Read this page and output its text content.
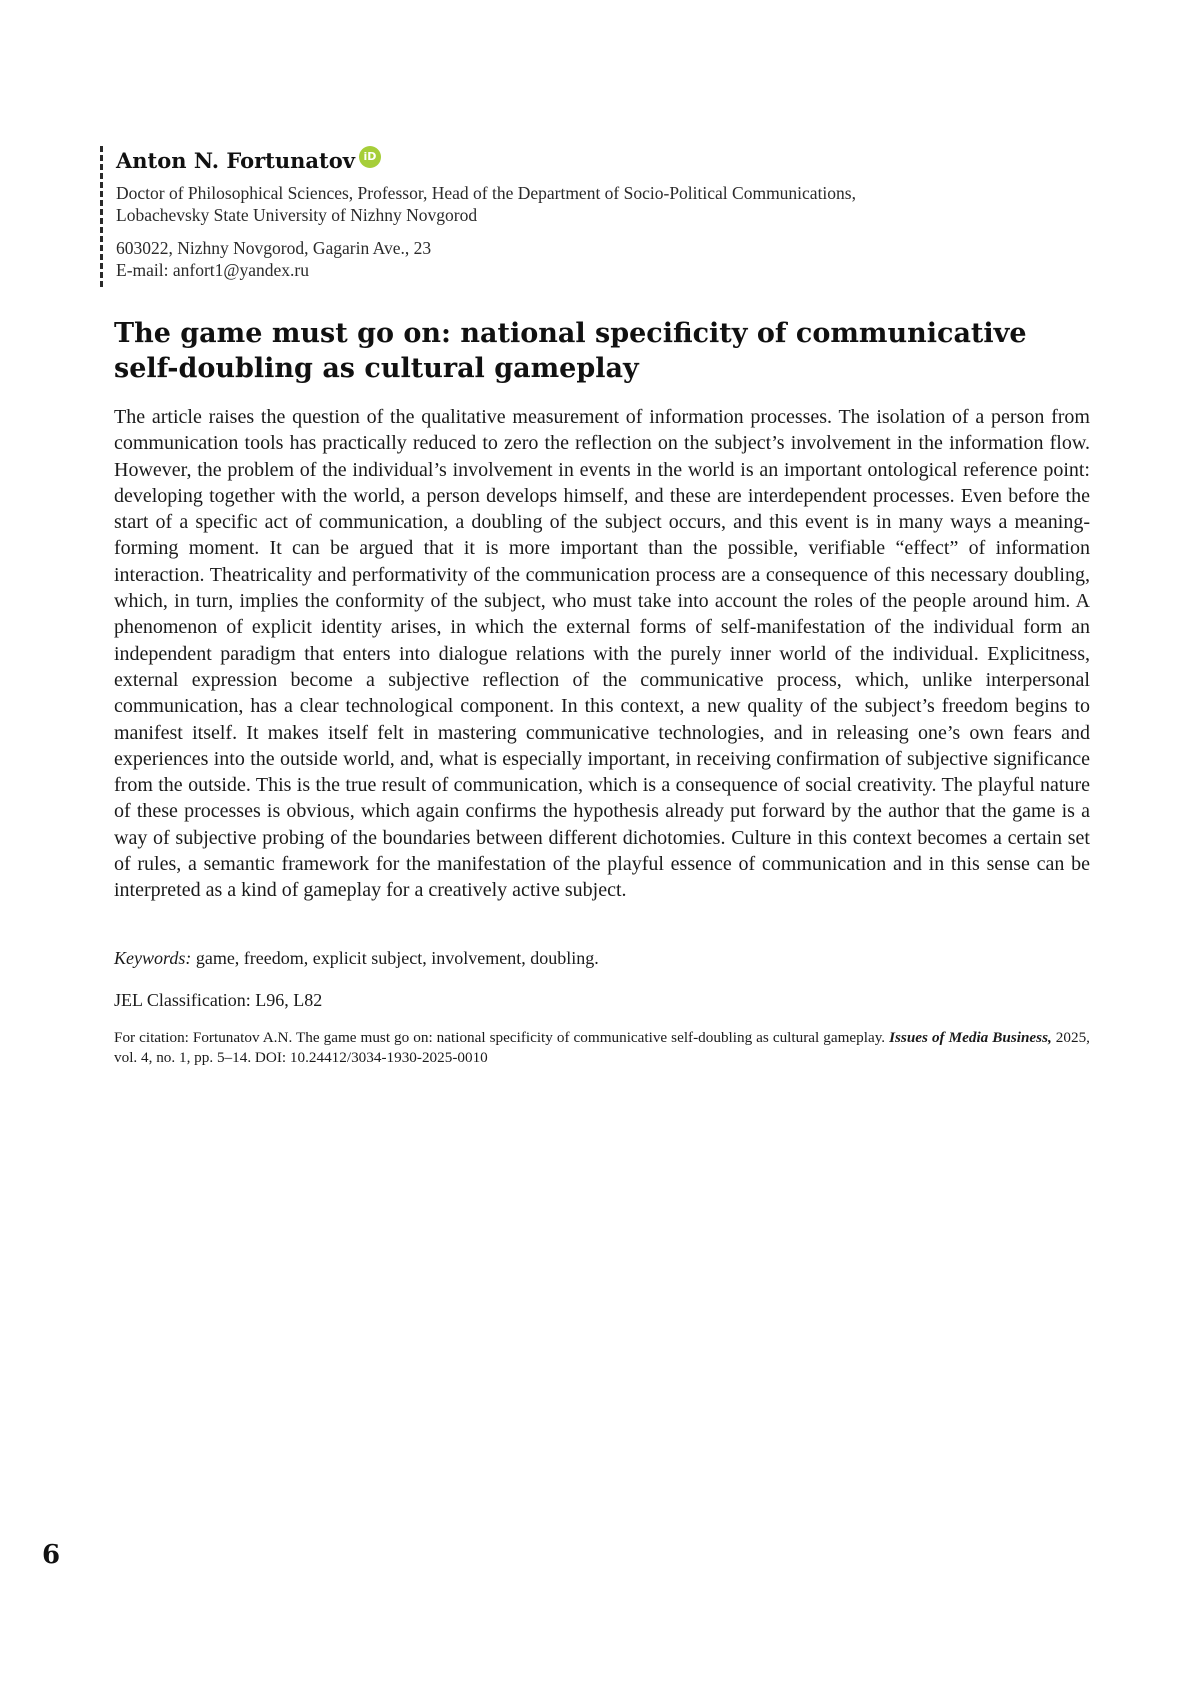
Anton N. Fortunatov iD
Doctor of Philosophical Sciences, Professor, Head of the Department of Socio-Political Communications,
Lobachevsky State University of Nizhny Novgorod
603022, Nizhny Novgorod, Gagarin Ave., 23
E-mail: anfort1@yandex.ru
The game must go on: national specificity of communicative self-doubling as cultural gameplay

The article raises the question of the qualitative measurement of information processes. The isolation of a person from communication tools has practically reduced to zero the reflection on the subject’s involvement in the information flow. However, the problem of the individual’s involvement in events in the world is an important ontological reference point: developing together with the world, a person develops himself, and these are interdependent processes. Even before the start of a specific act of communication, a doubling of the subject occurs, and this event is in many ways a meaning-forming moment. It can be argued that it is more important than the possible, verifiable “effect” of information interaction. Theatricality and performativity of the communication process are a consequence of this necessary doubling, which, in turn, implies the conformity of the subject, who must take into account the roles of the people around him. A phenomenon of explicit identity arises, in which the external forms of self-manifestation of the individual form an independent paradigm that enters into dialogue relations with the purely inner world of the individual. Explicitness, external expression become a subjective reflection of the communicative process, which, unlike interpersonal communication, has a clear technological component. In this context, a new quality of the subject’s freedom begins to manifest itself. It makes itself felt in mastering communicative technologies, and in releasing one’s own fears and experiences into the outside world, and, what is especially important, in receiving confirmation of subjective significance from the outside. This is the true result of communication, which is a consequence of social creativity. The playful nature of these processes is obvious, which again confirms the hypothesis already put forward by the author that the game is a way of subjective probing of the boundaries between different dichotomies. Culture in this context becomes a certain set of rules, a semantic framework for the manifestation of the playful essence of communication and in this sense can be interpreted as a kind of gameplay for a creatively active subject.

Keywords: game, freedom, explicit subject, involvement, doubling.
JEL Classification: L96, L82
For citation: Fortunatov A.N. The game must go on: national specificity of communicative self-doubling as cultural gameplay. Issues of Media Business, 2025, vol. 4, no. 1, pp. 5–14. DOI: 10.24412/3034-1930-2025-0010
6
